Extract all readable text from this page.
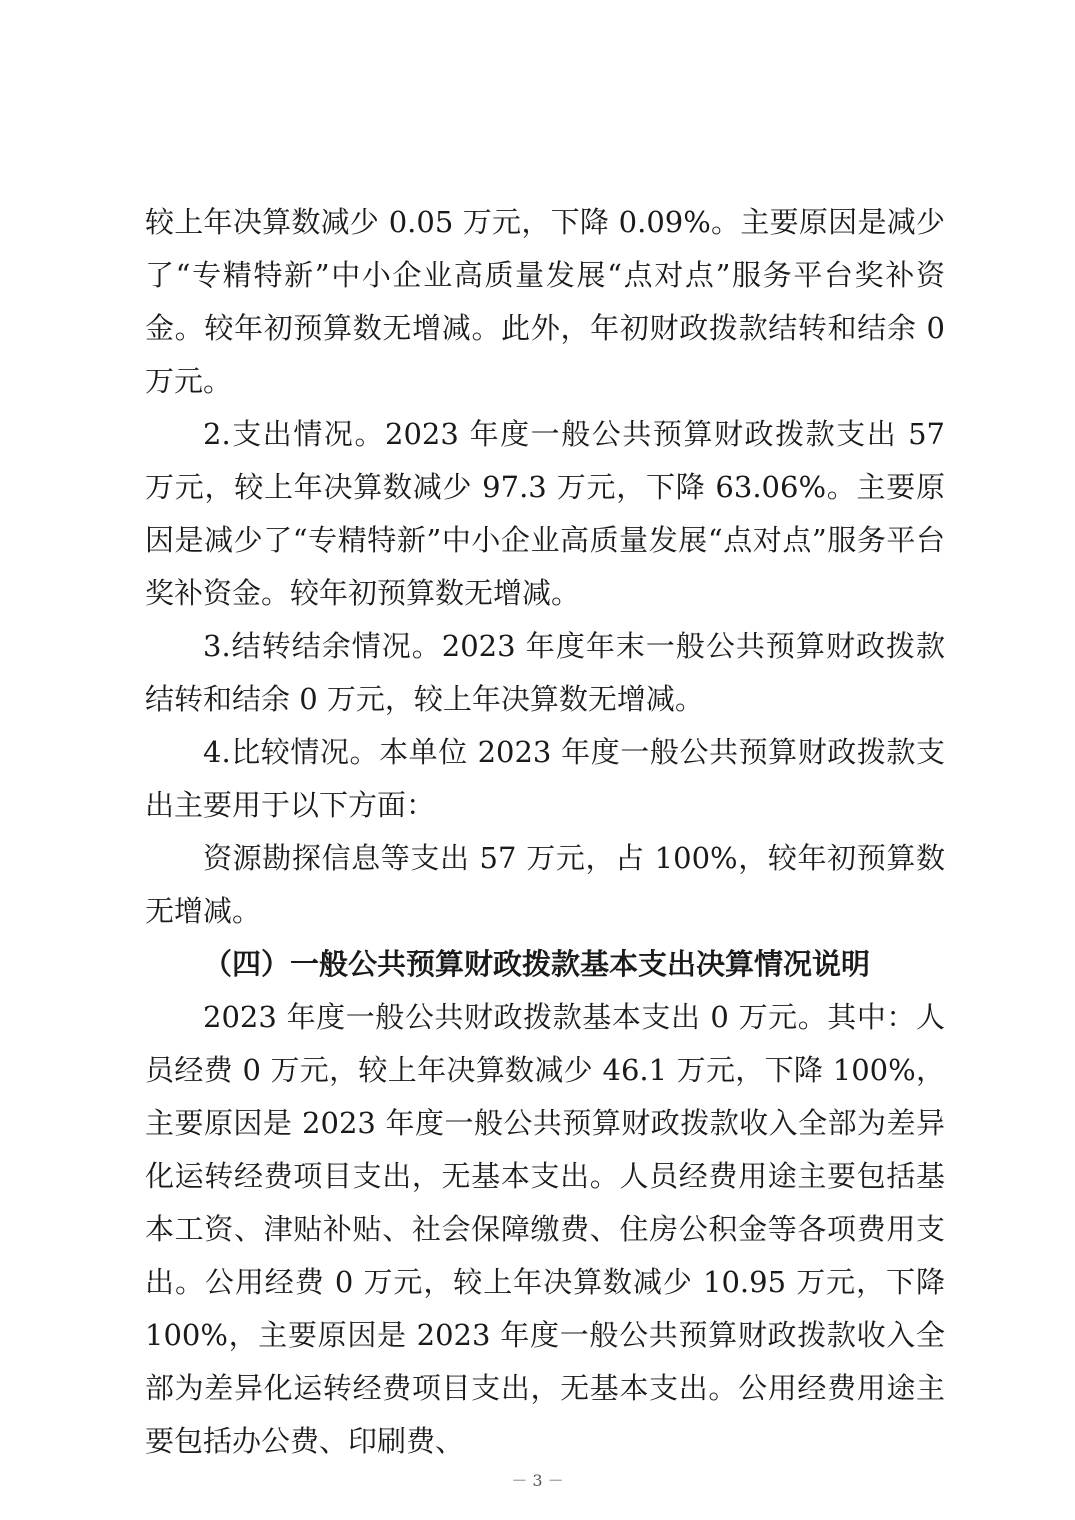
较上年决算数减少 0.05 万元，下降 0.09%。主要原因是减少了“专精特新”中小企业高质量发展“点对点”服务平台奖补资金。较年初预算数无增减。此外，年初财政拨款结转和结余 0 万元。

2.支出情况。2023 年度一般公共预算财政拨款支出 57 万元，较上年决算数减少 97.3 万元，下降 63.06%。主要原因是减少了“专精特新”中小企业高质量发展“点对点”服务平台奖补资金。较年初预算数无增减。

3.结转结余情况。2023 年度年末一般公共预算财政拨款结转和结余 0 万元，较上年决算数无增减。

4.比较情况。本单位 2023 年度一般公共预算财政拨款支出主要用于以下方面：

资源勘探信息等支出 57 万元，占 100%，较年初预算数无增减。

（四）一般公共预算财政拨款基本支出决算情况说明

2023 年度一般公共财政拨款基本支出 0 万元。其中：人员经费 0 万元，较上年决算数减少 46.1 万元，下降 100%，主要原因是 2023 年度一般公共预算财政拨款收入全部为差异化运转经费项目支出，无基本支出。人员经费用途主要包括基本工资、津贴补贴、社会保障缴费、住房公积金等各项费用支出。公用经费 0 万元，较上年决算数减少 10.95 万元，下降 100%，主要原因是 2023 年度一般公共预算财政拨款收入全部为差异化运转经费项目支出，无基本支出。公用经费用途主要包括办公费、印刷费、

－ 3 －
